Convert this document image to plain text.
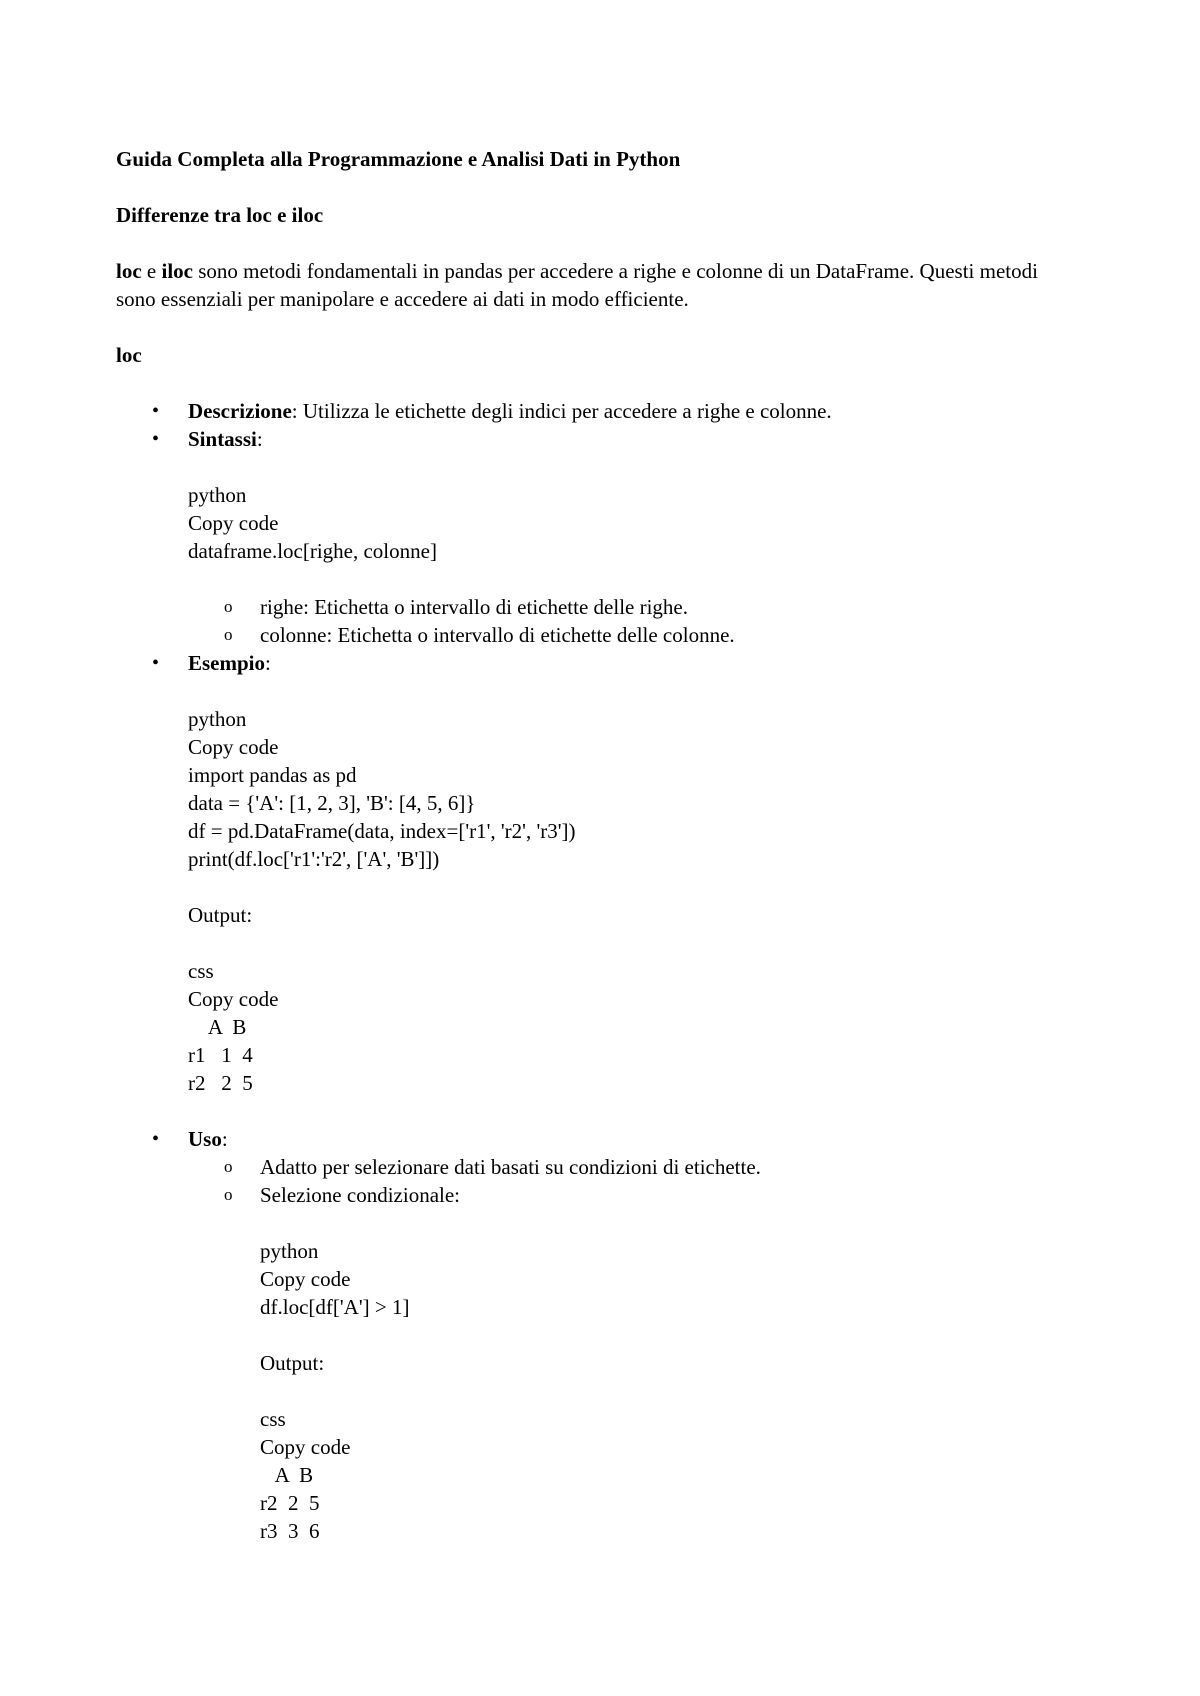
Guida Completa alla Programmazione e Analisi Dati in Python
Differenze tra loc e iloc
loc e iloc sono metodi fondamentali in pandas per accedere a righe e colonne di un DataFrame. Questi metodi sono essenziali per manipolare e accedere ai dati in modo efficiente.
loc
• Descrizione: Utilizza le etichette degli indici per accedere a righe e colonne.
• Sintassi:
python
Copy code
dataframe.loc[righe, colonne]
o righe: Etichetta o intervallo di etichette delle righe.
o colonne: Etichetta o intervallo di etichette delle colonne.
• Esempio:
python
Copy code
import pandas as pd
data = {'A': [1, 2, 3], 'B': [4, 5, 6]}
df = pd.DataFrame(data, index=['r1', 'r2', 'r3'])
print(df.loc['r1':'r2', ['A', 'B']])
Output:
css
Copy code
A  B
r1   1  4
r2   2  5
• Uso:
o Adatto per selezionare dati basati su condizioni di etichette.
o Selezione condizionale:
python
Copy code
df.loc[df['A'] > 1]
Output:
css
Copy code
A  B
r2  2  5
r3  3  6
